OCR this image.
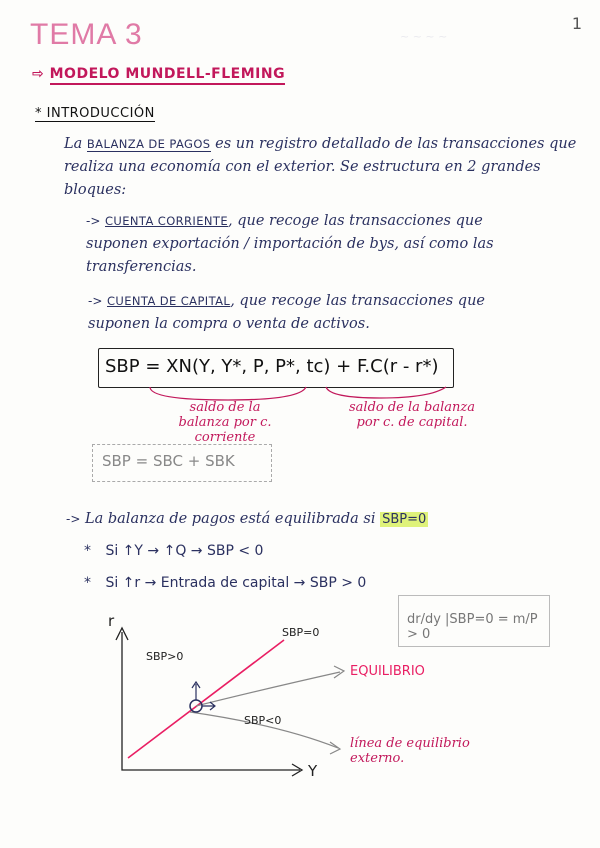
~ ~ ~ ~
TEMA 3	1
⇨ MODELO MUNDELL-FLEMING
* INTRODUCCIÓN
La BALANZA DE PAGOS es un registro detallado de las transacciones que realiza una economía con el exterior. Se estructura en 2 grandes bloques:
-> CUENTA CORRIENTE, que recoge las transacciones que suponen exportación / importación de bys, así como las transferencias.
-> CUENTA DE CAPITAL, que recoge las transacciones que suponen la compra o venta de activos.
SBP = XN(Y, Y*, P, P*, tc) + F.C(r - r*)
saldo de la balanza por c. corriente
saldo de la balanza por c. de capital.
SBP = SBC + SBK
-> La balanza de pagos está equilibrada si SBP=0
* Si ↑Y → ↑Q → SBP < 0
* Si ↑r → Entrada de capital → SBP > 0
dr/dy |SBP=0 = m/P > 0
r
Y
SBP=0
SBP>0
SBP<0
EQUILIBRIO
línea de equilibrio externo.
